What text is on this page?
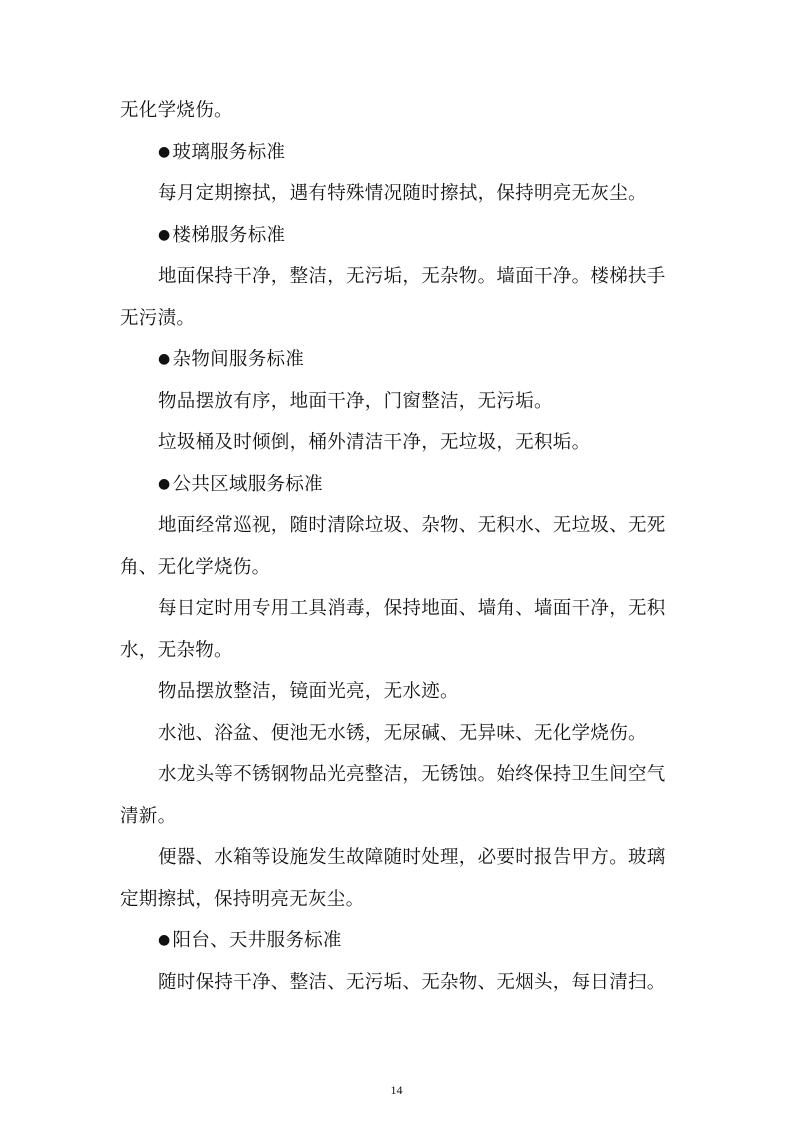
无化学烧伤。
● 玻璃服务标准
每月定期擦拭，遇有特殊情况随时擦拭，保持明亮无灰尘。
● 楼梯服务标准
地面保持干净，整洁，无污垢，无杂物。墙面干净。楼梯扶手
无污渍。
● 杂物间服务标准
物品摆放有序，地面干净，门窗整洁，无污垢。
垃圾桶及时倾倒，桶外清洁干净，无垃圾，无积垢。
● 公共区域服务标准
地面经常巡视，随时清除垃圾、杂物、无积水、无垃圾、无死
角、无化学烧伤。
每日定时用专用工具消毒，保持地面、墙角、墙面干净，无积
水，无杂物。
物品摆放整洁，镜面光亮，无水迹。
水池、浴盆、便池无水锈，无尿碱、无异味、无化学烧伤。
水龙头等不锈钢物品光亮整洁，无锈蚀。始终保持卫生间空气
清新。
便器、水箱等设施发生故障随时处理，必要时报告甲方。玻璃
定期擦拭，保持明亮无灰尘。
● 阳台、天井服务标准
随时保持干净、整洁、无污垢、无杂物、无烟头，每日清扫。
14
